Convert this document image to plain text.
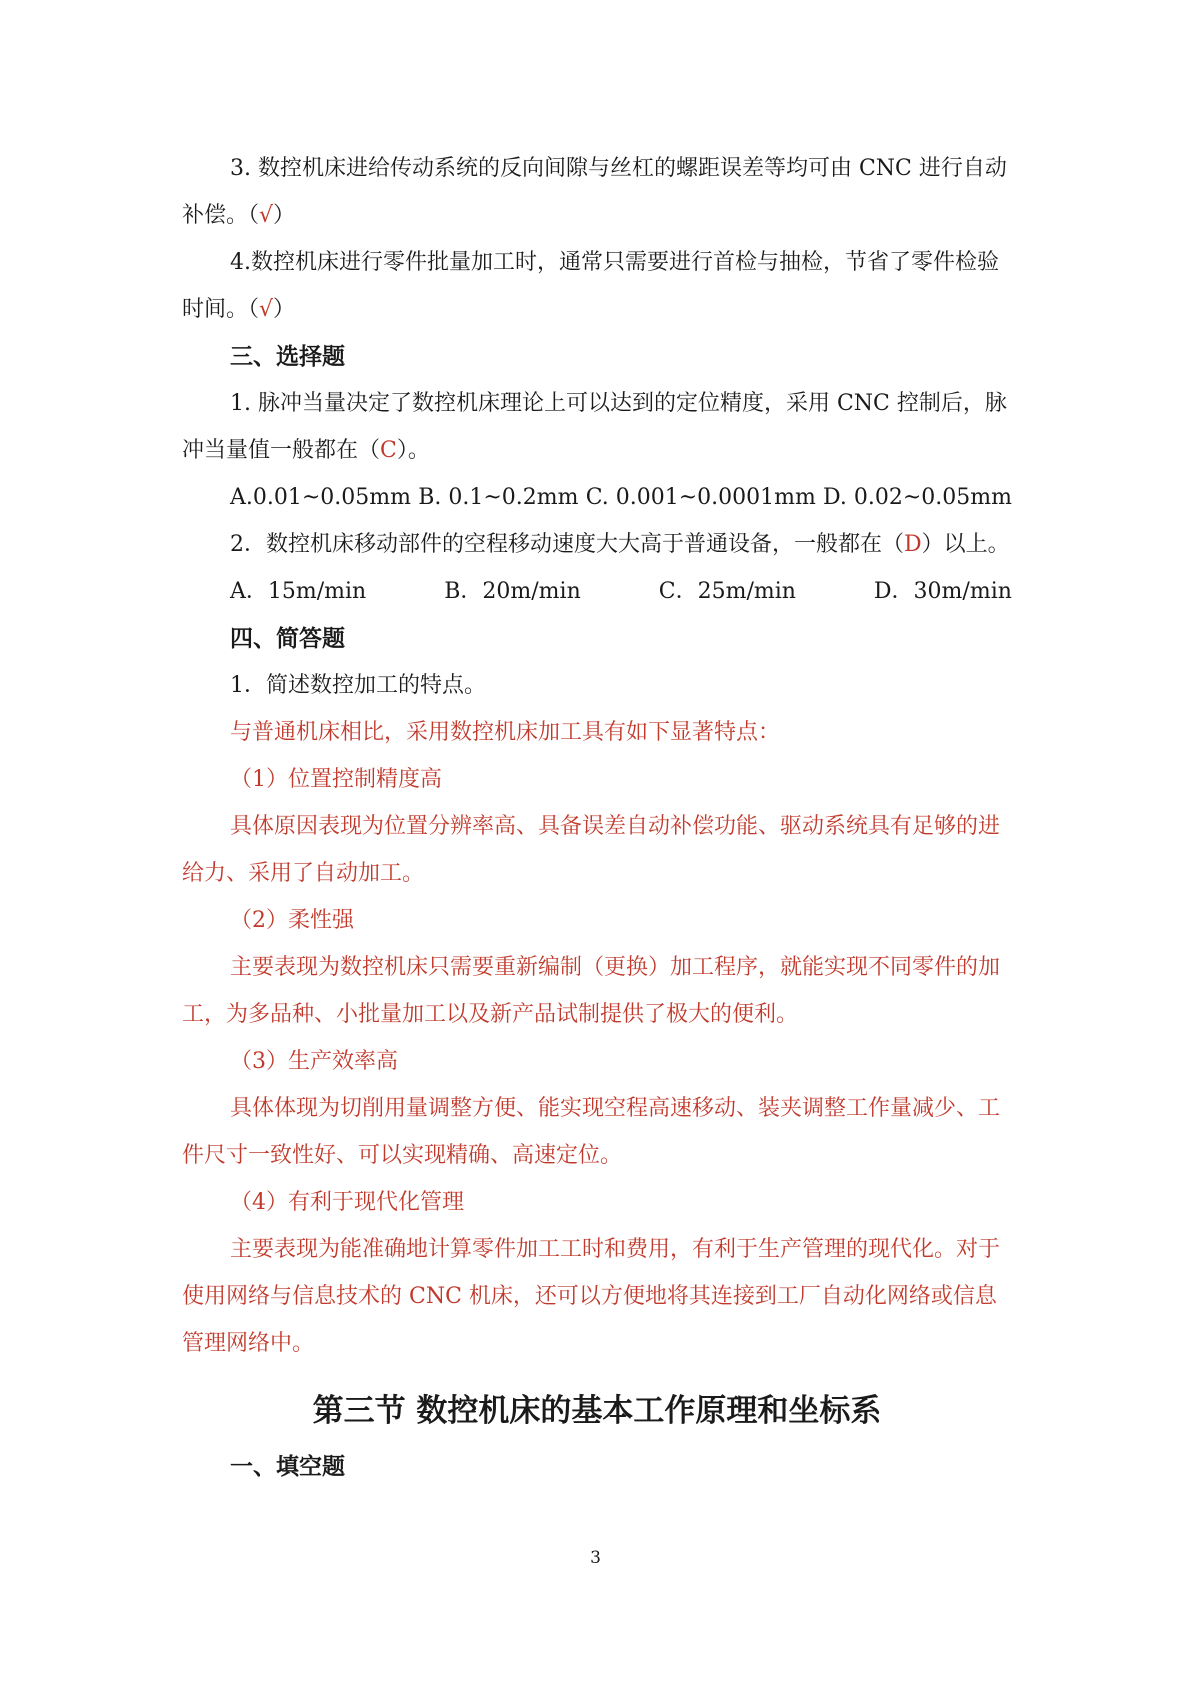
3. 数控机床进给传动系统的反向间隙与丝杠的螺距误差等均可由 CNC 进行自动补偿。（√）

4.数控机床进行零件批量加工时，通常只需要进行首检与抽检，节省了零件检验时间。（√）

三、选择题

1. 脉冲当量决定了数控机床理论上可以达到的定位精度，采用 CNC 控制后，脉冲当量值一般都在（C）。

A.0.01~0.05mm B. 0.1~0.2mm C. 0.001~0.0001mm D. 0.02~0.05mm

2．数控机床移动部件的空程移动速度大大高于普通设备，一般都在（D）以上。

A．15m/min	B．20m/min	C．25m/min	D．30m/min

四、简答题

1．简述数控加工的特点。

与普通机床相比，采用数控机床加工具有如下显著特点：

（1）位置控制精度高

具体原因表现为位置分辨率高、具备误差自动补偿功能、驱动系统具有足够的进给力、采用了自动加工。

（2）柔性强

主要表现为数控机床只需要重新编制（更换）加工程序，就能实现不同零件的加工，为多品种、小批量加工以及新产品试制提供了极大的便利。

（3）生产效率高

具体体现为切削用量调整方便、能实现空程高速移动、装夹调整工作量减少、工件尺寸一致性好、可以实现精确、高速定位。

（4）有利于现代化管理

主要表现为能准确地计算零件加工工时和费用，有利于生产管理的现代化。对于使用网络与信息技术的 CNC 机床，还可以方便地将其连接到工厂自动化网络或信息管理网络中。

第三节 数控机床的基本工作原理和坐标系

一、填空题

3
